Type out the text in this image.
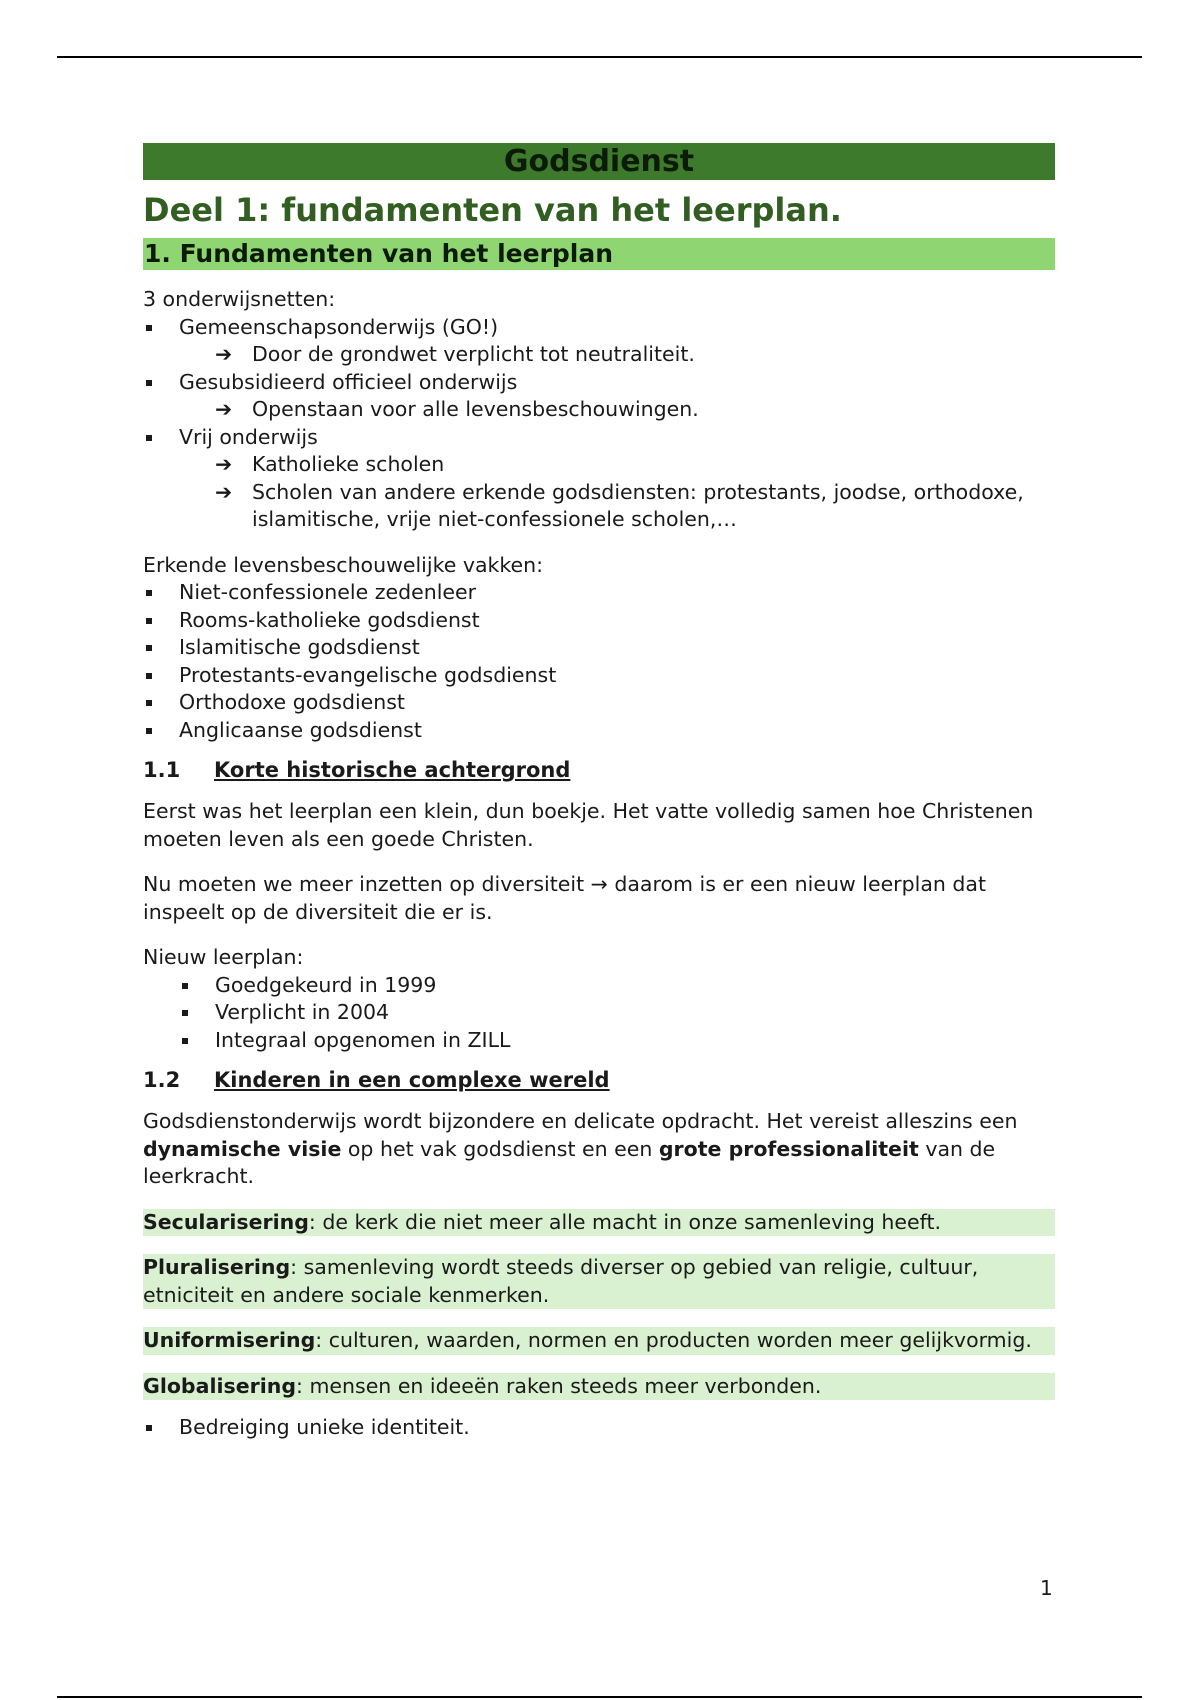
Godsdienst
Deel 1: fundamenten van het leerplan.
1. Fundamenten van het leerplan
3 onderwijsnetten:
Gemeenschapsonderwijs (GO!)
➔ Door de grondwet verplicht tot neutraliteit.
Gesubsidieerd officieel onderwijs
➔ Openstaan voor alle levensbeschouwingen.
Vrij onderwijs
➔ Katholieke scholen
➔ Scholen van andere erkende godsdiensten: protestants, joodse, orthodoxe, islamitische, vrije niet-confessionele scholen,…
Erkende levensbeschouwelijke vakken:
Niet-confessionele zedenleer
Rooms-katholieke godsdienst
Islamitische godsdienst
Protestants-evangelische godsdienst
Orthodoxe godsdienst
Anglicaanse godsdienst
1.1	Korte historische achtergrond
Eerst was het leerplan een klein, dun boekje. Het vatte volledig samen hoe Christenen moeten leven als een goede Christen.
Nu moeten we meer inzetten op diversiteit → daarom is er een nieuw leerplan dat inspeelt op de diversiteit die er is.
Nieuw leerplan:
Goedgekeurd in 1999
Verplicht in 2004
Integraal opgenomen in ZILL
1.2	Kinderen in een complexe wereld
Godsdienstonderwijs wordt bijzondere en delicate opdracht. Het vereist alleszins een dynamische visie op het vak godsdienst en een grote professionaliteit van de leerkracht.
Secularisering: de kerk die niet meer alle macht in onze samenleving heeft.
Pluralisering: samenleving wordt steeds diverser op gebied van religie, cultuur, etniciteit en andere sociale kenmerken.
Uniformisering: culturen, waarden, normen en producten worden meer gelijkvormig.
Globalisering: mensen en ideeën raken steeds meer verbonden.
Bedreiging unieke identiteit.
1
